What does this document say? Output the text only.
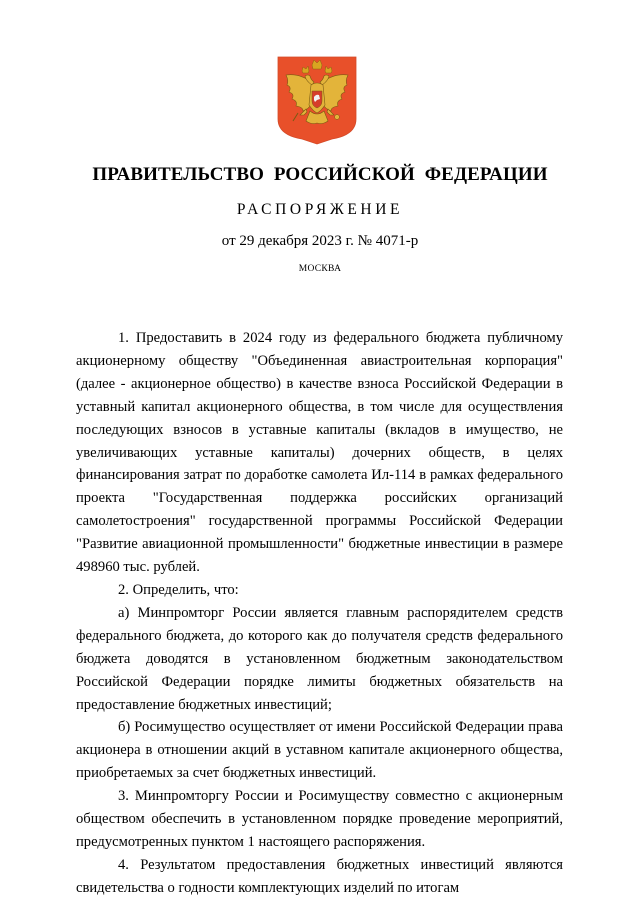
ПРАВИТЕЛЬСТВО РОССИЙСКОЙ ФЕДЕРАЦИИ
РАСПОРЯЖЕНИЕ
от 29 декабря 2023 г. № 4071-р
МОСКВА

1. Предоставить в 2024 году из федерального бюджета публичному акционерному обществу "Объединенная авиастроительная корпорация" (далее - акционерное общество) в качестве взноса Российской Федерации в уставный капитал акционерного общества, в том числе для осуществления последующих взносов в уставные капиталы (вкладов в имущество, не увеличивающих уставные капиталы) дочерних обществ, в целях финансирования затрат по доработке самолета Ил-114 в рамках федерального проекта "Государственная поддержка российских организаций самолетостроения" государственной программы Российской Федерации "Развитие авиационной промышленности" бюджетные инвестиции в размере 498960 тыс. рублей.

2. Определить, что:

а) Минпромторг России является главным распорядителем средств федерального бюджета, до которого как до получателя средств федерального бюджета доводятся в установленном бюджетным законодательством Российской Федерации порядке лимиты бюджетных обязательств на предоставление бюджетных инвестиций;

б) Росимущество осуществляет от имени Российской Федерации права акционера в отношении акций в уставном капитале акционерного общества, приобретаемых за счет бюджетных инвестиций.

3. Минпромторгу России и Росимуществу совместно с акционерным обществом обеспечить в установленном порядке проведение мероприятий, предусмотренных пунктом 1 настоящего распоряжения.

4. Результатом предоставления бюджетных инвестиций являются свидетельства о годности комплектующих изделий по итогам
